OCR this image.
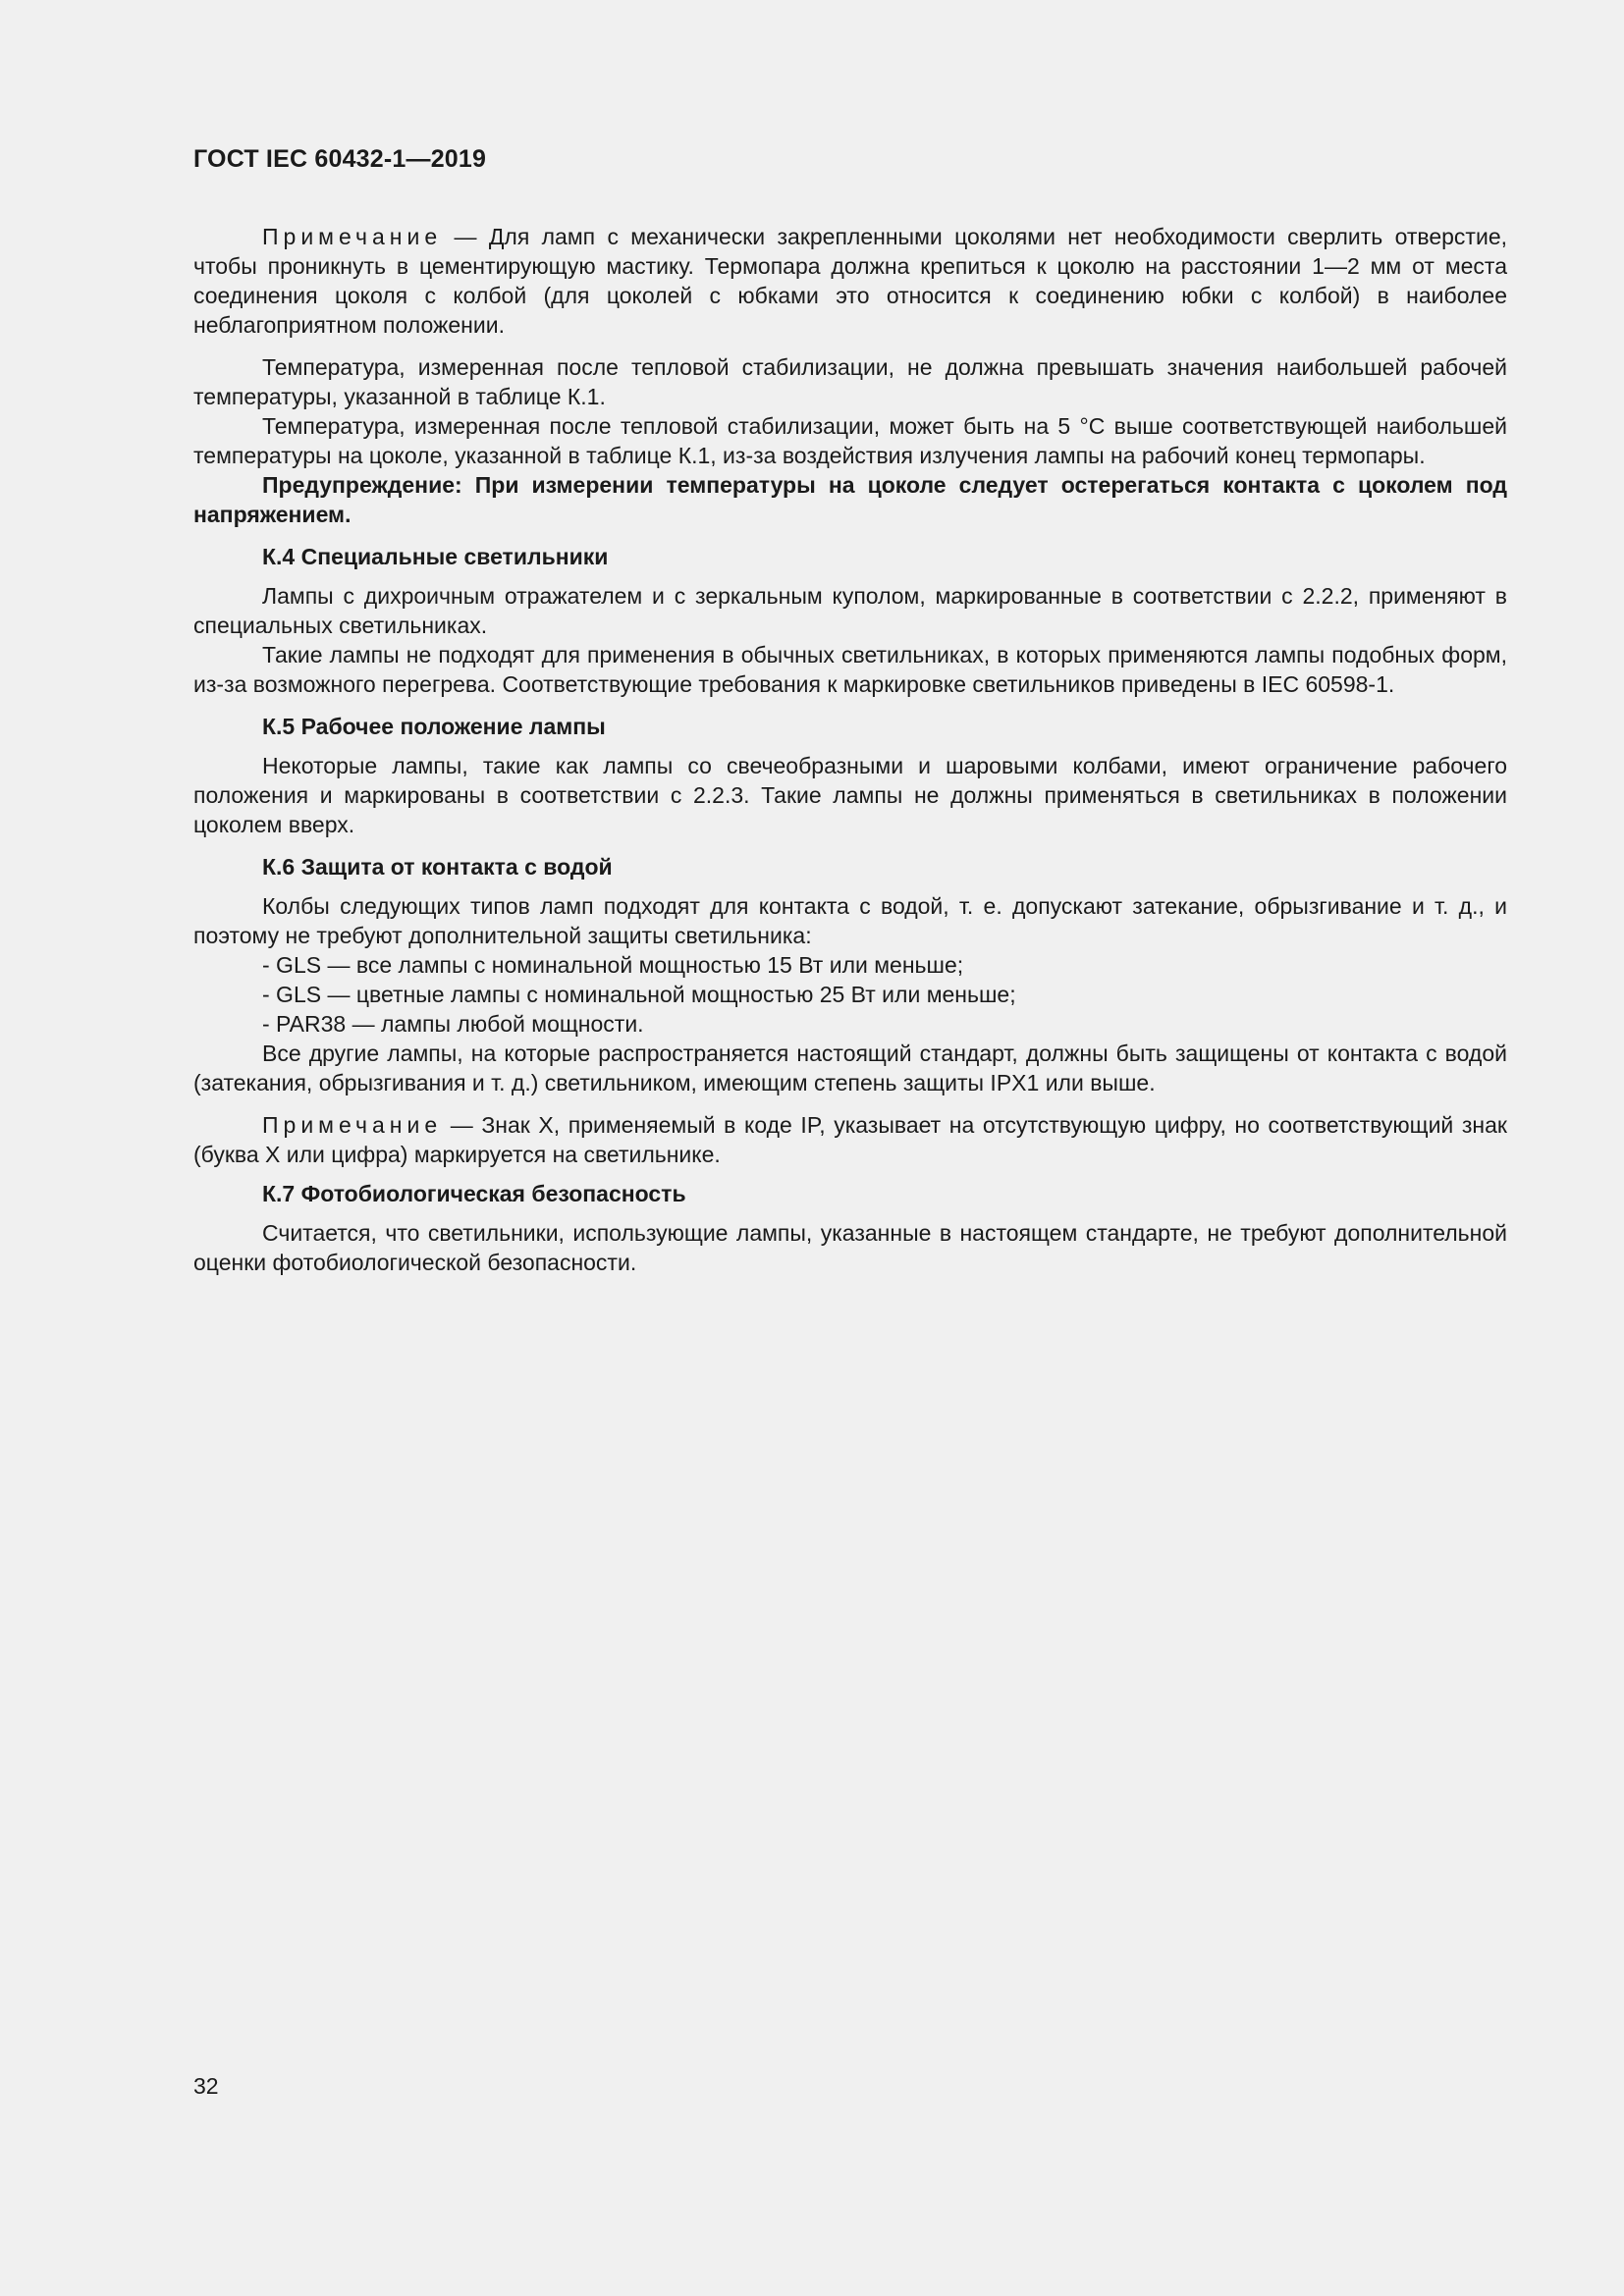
ГОСТ IEC 60432-1—2019

Примечание — Для ламп с механически закрепленными цоколями нет необходимости сверлить отверстие, чтобы проникнуть в цементирующую мастику. Термопара должна крепиться к цоколю на расстоянии 1—2 мм от места соединения цоколя с колбой (для цоколей с юбками это относится к соединению юбки с колбой) в наиболее неблагоприятном положении.

Температура, измеренная после тепловой стабилизации, не должна превышать значения наибольшей рабочей температуры, указанной в таблице К.1.

Температура, измеренная после тепловой стабилизации, может быть на 5 °С выше соответствующей наибольшей температуры на цоколе, указанной в таблице К.1, из-за воздействия излучения лампы на рабочий конец термопары.

Предупреждение: При измерении температуры на цоколе следует остерегаться контакта с цоколем под напряжением.

К.4 Специальные светильники

Лампы с дихроичным отражателем и с зеркальным куполом, маркированные в соответствии с 2.2.2, применяют в специальных светильниках.

Такие лампы не подходят для применения в обычных светильниках, в которых применяются лампы подобных форм, из-за возможного перегрева. Соответствующие требования к маркировке светильников приведены в IEC 60598-1.

К.5 Рабочее положение лампы

Некоторые лампы, такие как лампы со свечеобразными и шаровыми колбами, имеют ограничение рабочего положения и маркированы в соответствии с 2.2.3. Такие лампы не должны применяться в светильниках в положении цоколем вверх.

К.6 Защита от контакта с водой

Колбы следующих типов ламп подходят для контакта с водой, т. е. допускают затекание, обрызгивание и т. д., и поэтому не требуют дополнительной защиты светильника:

- GLS — все лампы с номинальной мощностью 15 Вт или меньше;

- GLS — цветные лампы с номинальной мощностью 25 Вт или меньше;

- PAR38 — лампы любой мощности.

Все другие лампы, на которые распространяется настоящий стандарт, должны быть защищены от контакта с водой (затекания, обрызгивания и т. д.) светильником, имеющим степень защиты IPX1 или выше.

Примечание — Знак X, применяемый в коде IP, указывает на отсутствующую цифру, но соответствующий знак (буква X или цифра) маркируется на светильнике.

К.7 Фотобиологическая безопасность

Считается, что светильники, использующие лампы, указанные в настоящем стандарте, не требуют дополнительной оценки фотобиологической безопасности.

32
